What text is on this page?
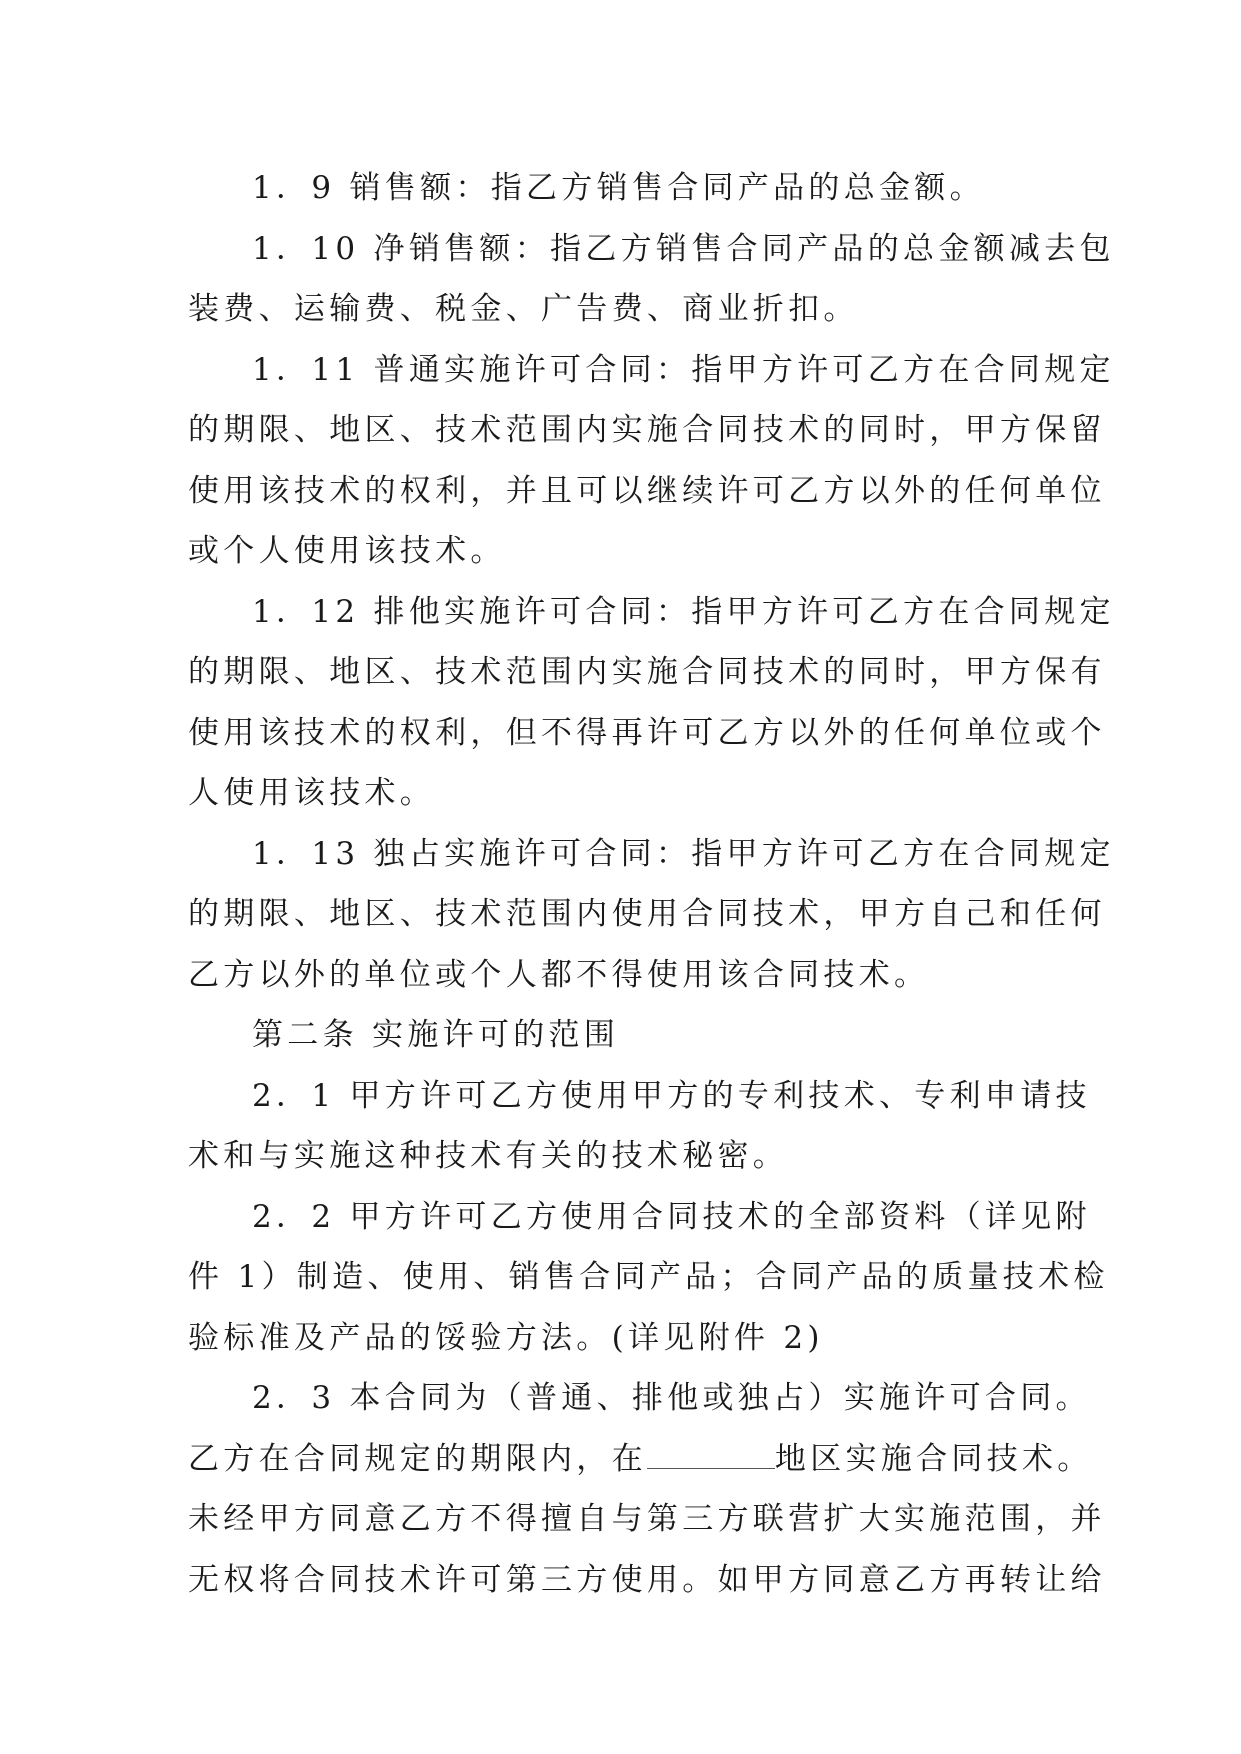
1．9 销售额：指乙方销售合同产品的总金额。
1．10 净销售额：指乙方销售合同产品的总金额减去包
装费、运输费、税金、广告费、商业折扣。
1．11 普通实施许可合同：指甲方许可乙方在合同规定
的期限、地区、技术范围内实施合同技术的同时，甲方保留
使用该技术的权利，并且可以继续许可乙方以外的任何单位
或个人使用该技术。
1．12 排他实施许可合同：指甲方许可乙方在合同规定
的期限、地区、技术范围内实施合同技术的同时，甲方保有
使用该技术的权利，但不得再许可乙方以外的任何单位或个
人使用该技术。
1．13 独占实施许可合同：指甲方许可乙方在合同规定
的期限、地区、技术范围内使用合同技术，甲方自己和任何
乙方以外的单位或个人都不得使用该合同技术。
第二条 实施许可的范围
2．1 甲方许可乙方使用甲方的专利技术、专利申请技
术和与实施这种技术有关的技术秘密。
2．2 甲方许可乙方使用合同技术的全部资料（详见附
件 1）制造、使用、销售合同产品；合同产品的质量技术检
验标准及产品的馁验方法。(详见附件 2)
2．3 本合同为（普通、排他或独占）实施许可合同。
乙方在合同规定的期限内，在	地区实施合同技术。
未经甲方同意乙方不得擅自与第三方联营扩大实施范围，并
无权将合同技术许可第三方使用。如甲方同意乙方再转让给
